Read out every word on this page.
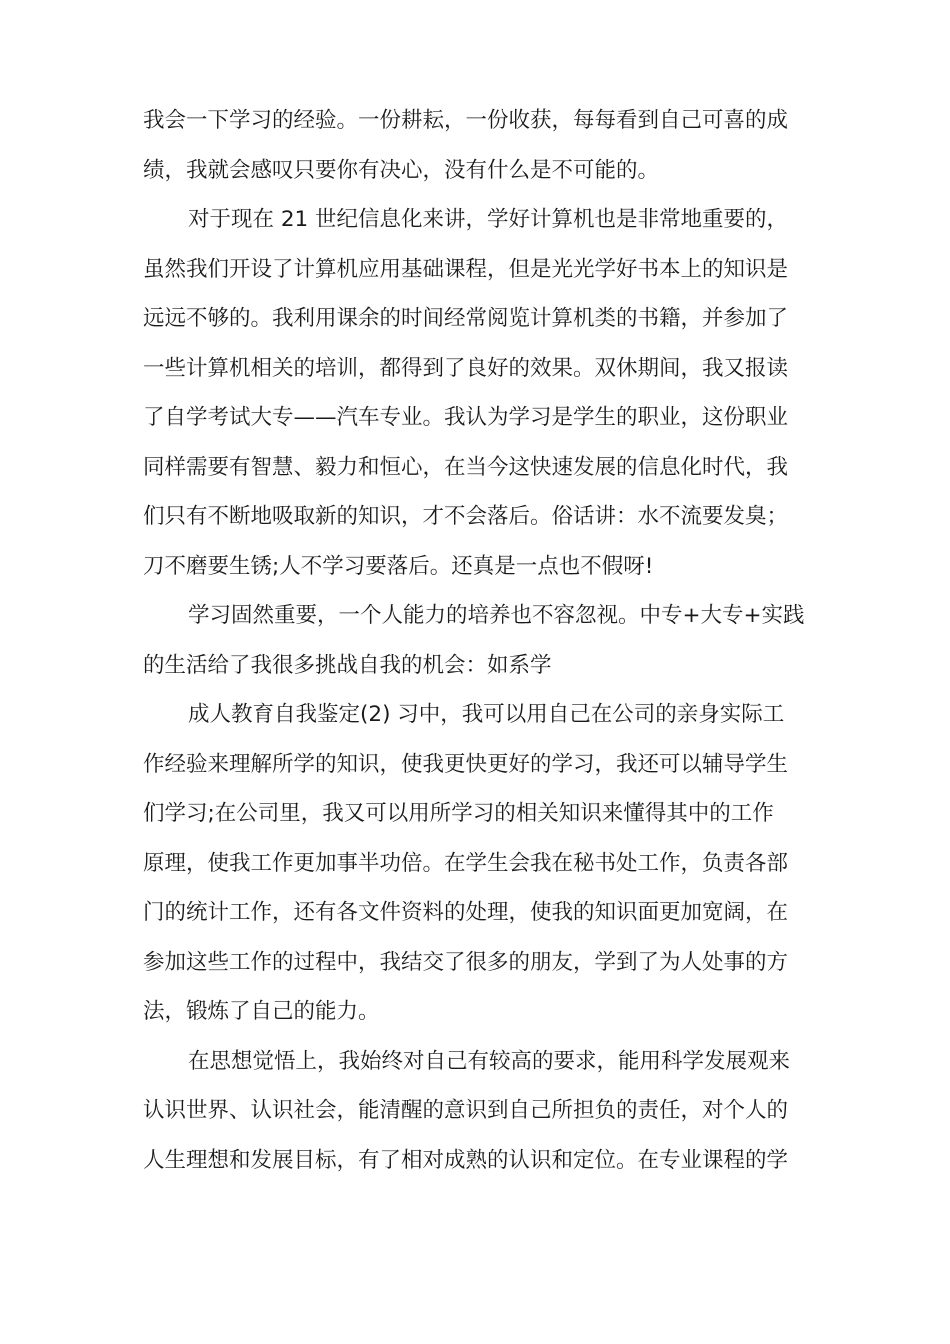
我会一下学习的经验。一份耕耘，一份收获，每每看到自己可喜的成
绩，我就会感叹只要你有决心，没有什么是不可能的。

对于现在 21 世纪信息化来讲，学好计算机也是非常地重要的，
虽然我们开设了计算机应用基础课程，但是光光学好书本上的知识是
远远不够的。我利用课余的时间经常阅览计算机类的书籍，并参加了
一些计算机相关的培训，都得到了良好的效果。双休期间，我又报读
了自学考试大专——汽车专业。我认为学习是学生的职业，这份职业
同样需要有智慧、毅力和恒心，在当今这快速发展的信息化时代，我
们只有不断地吸取新的知识，才不会落后。俗话讲：水不流要发臭；
刀不磨要生锈;人不学习要落后。还真是一点也不假呀!

学习固然重要，一个人能力的培养也不容忽视。中专+大专+实践
的生活给了我很多挑战自我的机会：如系学

成人教育自我鉴定(2) 习中，我可以用自己在公司的亲身实际工
作经验来理解所学的知识，使我更快更好的学习，我还可以辅导学生
们学习;在公司里，我又可以用所学习的相关知识来懂得其中的工作
原理，使我工作更加事半功倍。在学生会我在秘书处工作，负责各部
门的统计工作，还有各文件资料的处理，使我的知识面更加宽阔，在
参加这些工作的过程中，我结交了很多的朋友，学到了为人处事的方
法，锻炼了自己的能力。

在思想觉悟上，我始终对自己有较高的要求，能用科学发展观来
认识世界、认识社会，能清醒的意识到自己所担负的责任，对个人的
人生理想和发展目标，有了相对成熟的认识和定位。在专业课程的学
